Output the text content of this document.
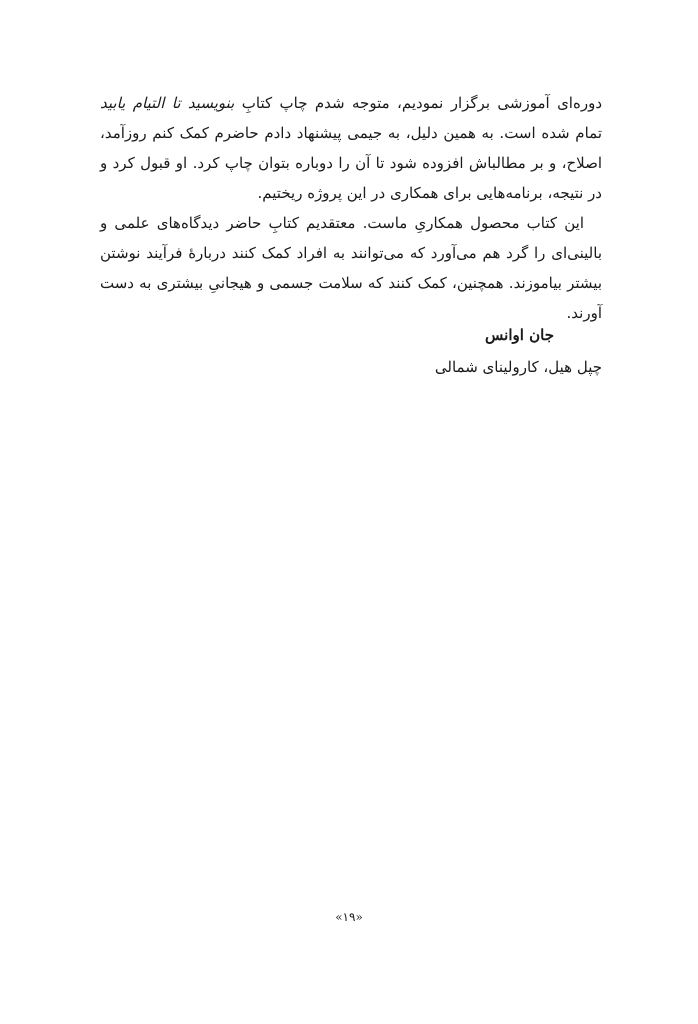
دوره‌ای آموزشی برگزار نمودیم، متوجه شدم چاپ کتابِ بنویسید تا التیام یابید تمام شده است. به همین دلیل، به جیمی پیشنهاد دادم حاضرم کمک کنم روزآمد، اصلاح، و بر مطالباش افزوده شود تا آن را دوباره بتوان چاپ کرد. او قبول کرد و در نتیجه، برنامه‌هایی برای همکاری در این پروژه ریختیم.

این کتاب محصول همکاریِ ماست. معتقدیم کتابِ حاضر دیدگاه‌های علمی و بالینی‌ای را گرد هم می‌آورد که می‌توانند به افراد کمک کنند دربارهٔ فرآیند نوشتن بیشتر بیاموزند. همچنین، کمک کنند که سلامت جسمی و هیجانیِ بیشتری به دست آورند.

جان اوانس
چپل هیل، کارولینای شمالی
«۱۹»
